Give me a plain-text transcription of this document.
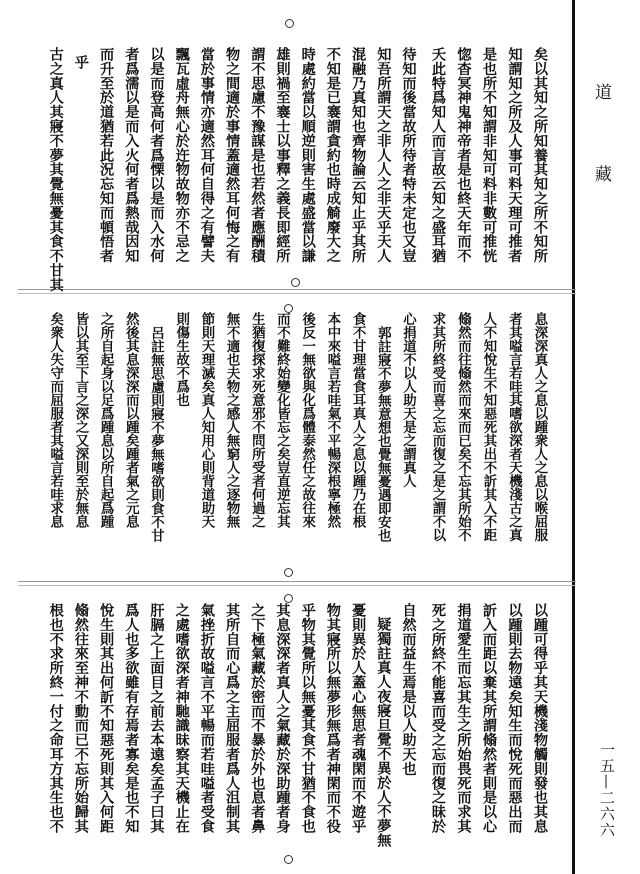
道
藏
一五—二六六
矣以其知之所知養其知之所不知所
知謂知之所及人事可料天理可推者
是也所不知謂非知可料非數可推恍
惚杳冥神鬼神帝者是也終天年而不
夭此特爲知人而言故云知之盛耳猶
待知而後當故所待者特未定也又豈
知吾所謂天之非人人之非天乎天人
混融乃真知也齊物論云知止乎其所
不知是已褰謂貪約也時成觭廢大之
時處約當以順逆則害生處盛當以謙
雄則禍至褰士以事釋之義長即經所
謂不思慮不豫謀是也若然者應酬積
物之間適於事情蓋適然耳何悔之有
當於事情亦適然耳何自得之有譬夫
飄瓦虛舟無心於迕物故物亦不忌之
以是而登高何者爲慄以是而入水何
者爲濡以是而入火何者爲熱哉因知
而升至於道猶若此況忘知而頓悟者
乎
古之真人其寢不夢其覺無憂其食不甘其
息深深真人之息以踵衆人之息以喉屈服
者其嗌言若哇其嗜欲深者天機淺古之真
人不知悅生不知惡死其出不訢其入不距
翛然而往翛然而來而已矣不忘其所始不
求其所終受而喜之忘而復之是之謂不以
心捐道不以人助天是之謂真人
郭註寢不夢無意想也覺無憂遇即安也
食不甘理當食耳真人之息以踵乃在根
本中來嗌言若哇氣不平暢深根寧極然
後反一無欲與化爲體泰然任之故往來
而不難終始變化皆忘之矣豈直逆忘其
生猶復探求死意邪不問所受者何過之
無不適也夫物之感人無窮人之逐物無
節則天理滅矣真人知用心則背道助天
則傷生故不爲也
呂註無思慮則寢不夢無嗜欲則食不甘
然後其息深深而以踵矣踵者氣之元息
之所自起身以足爲踵息以所自起爲踵
皆以其至下言之深之又深則至於無息
矣衆人失守而屈服者其嗌言若哇求息
以踵可得乎其天機淺物觸則發也其息
以踵則去物遠矣知生而悅死而惡出而
訢入而距以棄其所謂翛然者則是以心
捐道愛生而忘其生之所始畏死而求其
死之所終不能喜而受之忘而復之昧於
自然而益生焉是以人助天也
疑獨註真人夜寢旦覺不異於人不夢無
憂則異於人蓋心無思者魂閑而不遊乎
物其寢所以無夢形無爲者神閑而不役
乎物其覺所以無憂其食不甘猶不食也
其息深深者真人之氣藏於深助踵者身
之下極氣藏於密而不暴於外也息者鼻
其所自而心爲之主屈服者爲人沮制其
氣挫折故嗌言不平暢而若哇嗌者受食
之處嗜欲深者神馳識昧察其天機止在
肝膈之上面目之前去本遠矣孟子曰其
爲人也多欲雖有存焉者寡矣是也不知
悅生則其出何訢不知惡死則其入何距
翛然往來至神不動而已不忘所始歸其
根也不求所終一付之命耳方其生也不
